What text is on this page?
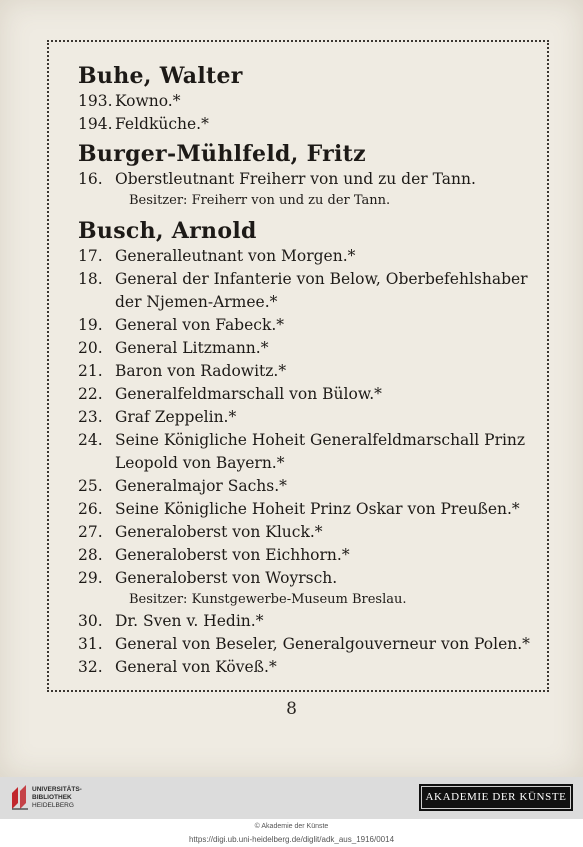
Buhe, Walter
193. Kowno.*
194. Feldküche.*
Burger-Mühlfeld, Fritz
16. Oberstleutnant Freiherr von und zu der Tann.
Besitzer: Freiherr von und zu der Tann.
Busch, Arnold
17. Generalleutnant von Morgen.*
18. General der Infanterie von Below, Oberbefehlshaber
der Njemen-Armee.*
19. General von Fabeck.*
20. General Litzmann.*
21. Baron von Radowitz.*
22. Generalfeldmarschall von Bülow.*
23. Graf Zeppelin.*
24. Seine Königliche Hoheit Generalfeldmarschall Prinz
Leopold von Bayern.*
25. Generalmajor Sachs.*
26. Seine Königliche Hoheit Prinz Oskar von Preußen.*
27. Generaloberst von Kluck.*
28. Generaloberst von Eichhorn.*
29. Generaloberst von Woyrsch.
Besitzer: Kunstgewerbe-Museum Breslau.
30. Dr. Sven v. Hedin.*
31. General von Beseler, Generalgouverneur von Polen.*
32. General von Köveß.*
8
UNIVERSITÄTS-
BIBLIOTHEK
HEIDELBERG
AKADEMIE DER KÜNSTE
© Akademie der Künste
https://digi.ub.uni-heidelberg.de/diglit/adk_aus_1916/0014
